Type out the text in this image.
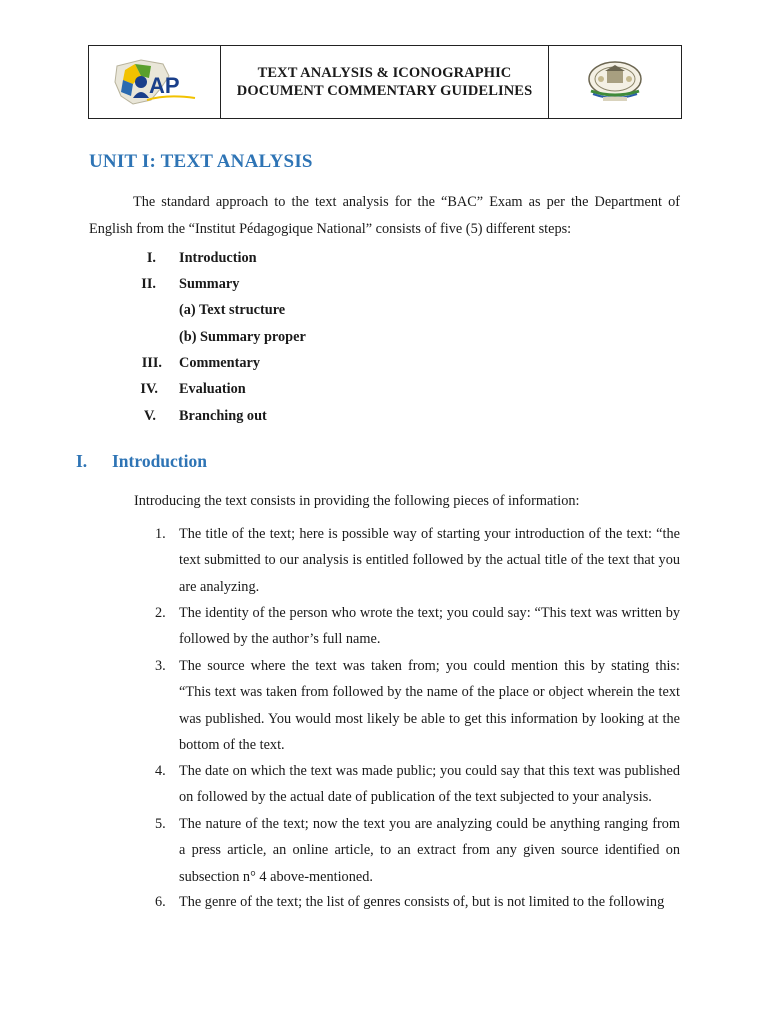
AP	TEXT ANALYSIS & ICONOGRAPHIC
DOCUMENT COMMENTARY GUIDELINES
UNIT I: TEXT ANALYSIS

The standard approach to the text analysis for the “BAC” Exam as per the Department of English from the “Institut Pédagogique National” consists of five (5) different steps:

I. Introduction
II. Summary
(a) Text structure
(b) Summary proper
III. Commentary
IV. Evaluation
V. Branching out
I. Introduction

Introducing the text consists in providing the following pieces of information:

1. The title of the text; here is possible way of starting your introduction of the text: “the text submitted to our analysis is entitled followed by the actual title of the text that you are analyzing.

2. The identity of the person who wrote the text; you could say: “This text was written by followed by the author’s full name.

3. The source where the text was taken from; you could mention this by stating this: “This text was taken from followed by the name of the place or object wherein the text was published. You would most likely be able to get this information by looking at the bottom of the text.

4. The date on which the text was made public; you could say that this text was published on followed by the actual date of publication of the text subjected to your analysis.

5. The nature of the text; now the text you are analyzing could be anything ranging from a press article, an online article, to an extract from any given source identified on subsection n° 4 above-mentioned.

6. The genre of the text; the list of genres consists of, but is not limited to the following
